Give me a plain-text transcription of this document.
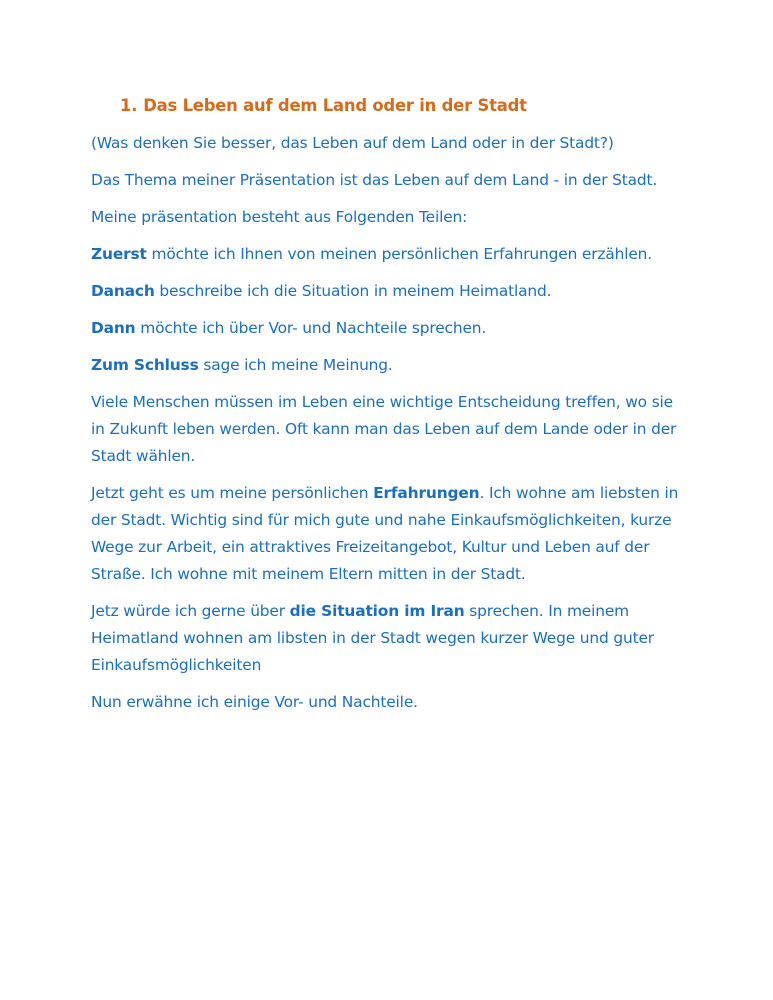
1. Das Leben auf dem Land oder in der Stadt

(Was denken Sie besser, das Leben auf dem Land oder in der Stadt?)

Das Thema meiner Präsentation ist das Leben auf dem Land - in der Stadt.

Meine präsentation besteht aus Folgenden Teilen:

Zuerst möchte ich Ihnen von meinen persönlichen Erfahrungen erzählen.

Danach beschreibe ich die Situation in meinem Heimatland.

Dann möchte ich über Vor- und Nachteile sprechen.

Zum Schluss sage ich meine Meinung.

Viele Menschen müssen im Leben eine wichtige Entscheidung treffen, wo sie in Zukunft leben werden. Oft kann man das Leben auf dem Lande oder in der Stadt wählen.

Jetzt geht es um meine persönlichen Erfahrungen. Ich wohne am liebsten in der Stadt. Wichtig sind für mich gute und nahe Einkaufsmöglichkeiten, kurze Wege zur Arbeit, ein attraktives Freizeitangebot, Kultur und Leben auf der Straße. Ich wohne mit meinem Eltern mitten in der Stadt.

Jetz würde ich gerne über die Situation im Iran sprechen. In meinem Heimatland wohnen am libsten in der Stadt wegen kurzer Wege und guter Einkaufsmöglichkeiten

Nun erwähne ich einige Vor- und Nachteile.
